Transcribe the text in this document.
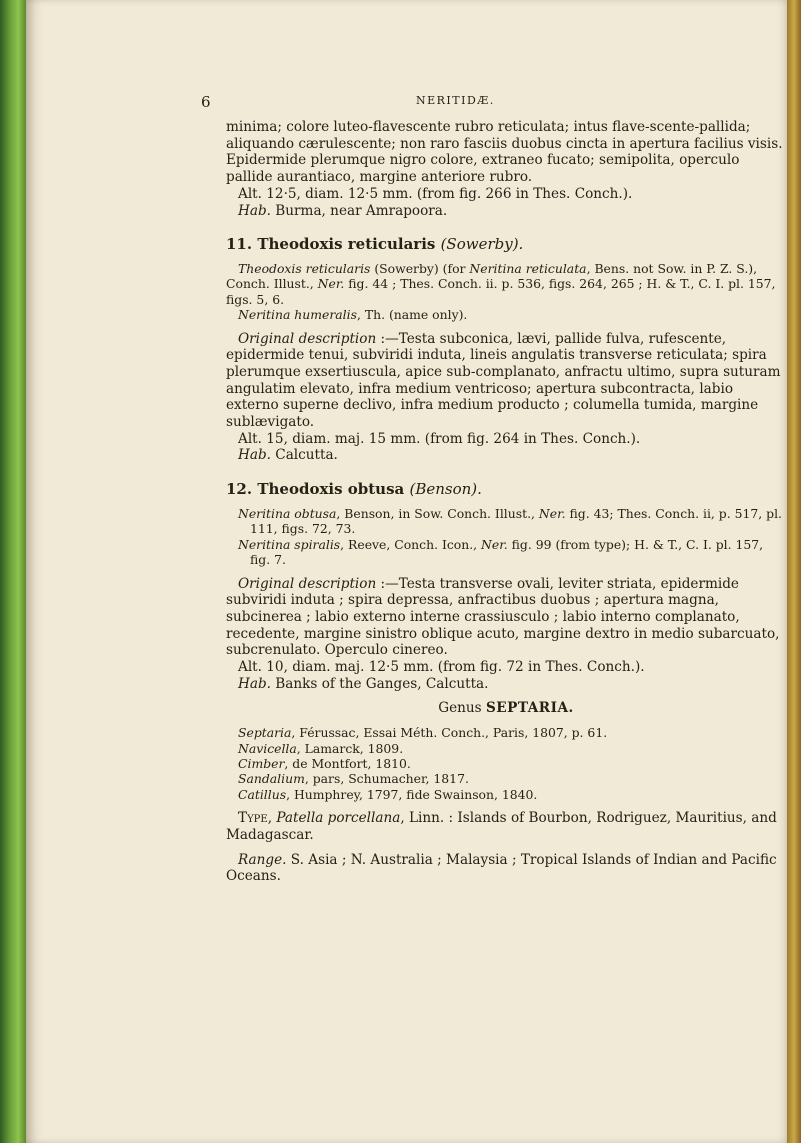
6	NERITIDÆ.

minima; colore luteo-flavescente rubro reticulata; intus flave-scente-pallida; aliquando cærulescente; non raro fasciis duobus cincta in apertura facilius visis. Epidermide plerumque nigro colore, extraneo fucato; semipolita, operculo pallide aurantiaco, margine anteriore rubro.

Alt. 12·5, diam. 12·5 mm. (from fig. 266 in Thes. Conch.).

Hab. Burma, near Amrapoora.

11. Theodoxis reticularis (Sowerby).

Theodoxis reticularis (Sowerby) (for Neritina reticulata, Bens. not Sow. in P. Z. S.), Conch. Illust., Ner. fig. 44 ; Thes. Conch. ii. p. 536, figs. 264, 265 ; H. & T., C. I. pl. 157, figs. 5, 6.

Neritina humeralis, Th. (name only).

Original description :—Testa subconica, lævi, pallide fulva, rufescente, epidermide tenui, subviridi induta, lineis angulatis transverse reticulata; spira plerumque exsertiuscula, apice sub-complanato, anfractu ultimo, supra suturam angulatim elevato, infra medium ventricoso; apertura subcontracta, labio externo superne declivo, infra medium producto ; columella tumida, margine sublævigato.

Alt. 15, diam. maj. 15 mm. (from fig. 264 in Thes. Conch.).

Hab. Calcutta.

12. Theodoxis obtusa (Benson).

Neritina obtusa, Benson, in Sow. Conch. Illust., Ner. fig. 43; Thes. Conch. ii, p. 517, pl. 111, figs. 72, 73.

Neritina spiralis, Reeve, Conch. Icon., Ner. fig. 99 (from type); H. & T., C. I. pl. 157, fig. 7.

Original description :—Testa transverse ovali, leviter striata, epidermide subviridi induta ; spira depressa, anfractibus duobus ; apertura magna, subcinerea ; labio externo interne crassiusculo ; labio interno complanato, recedente, margine sinistro oblique acuto, margine dextro in medio subarcuato, subcrenulato. Operculo cinereo.

Alt. 10, diam. maj. 12·5 mm. (from fig. 72 in Thes. Conch.).

Hab. Banks of the Ganges, Calcutta.

Genus SEPTARIA.

Septaria, Férussac, Essai Méth. Conch., Paris, 1807, p. 61.

Navicella, Lamarck, 1809.

Cimber, de Montfort, 1810.

Sandalium, pars, Schumacher, 1817.

Catillus, Humphrey, 1797, fide Swainson, 1840.

Type, Patella porcellana, Linn. : Islands of Bourbon, Rodriguez, Mauritius, and Madagascar.

Range. S. Asia ; N. Australia ; Malaysia ; Tropical Islands of Indian and Pacific Oceans.
